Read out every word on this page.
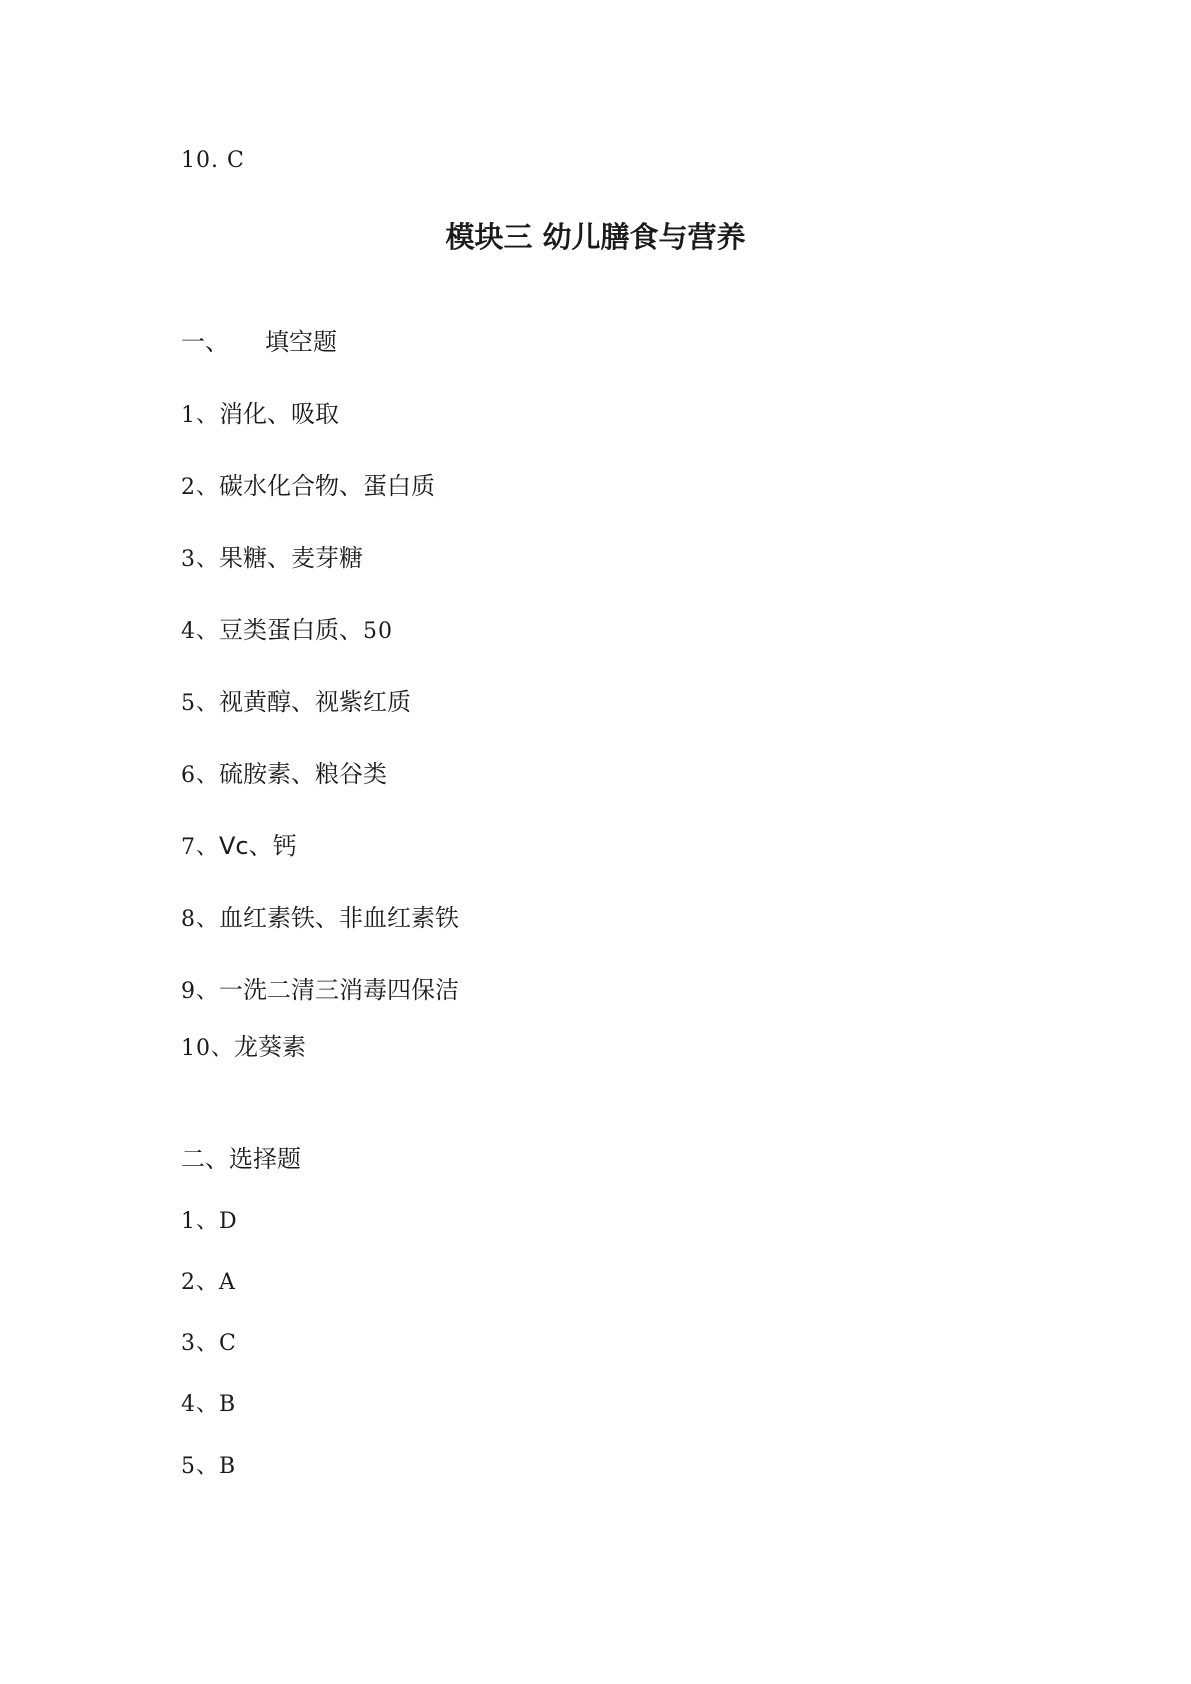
10. C
模块三 幼儿膳食与营养
一、 填空题
1、消化、吸取
2、碳水化合物、蛋白质
3、果糖、麦芽糖
4、豆类蛋白质、50
5、视黄醇、视紫红质
6、硫胺素、粮谷类
7、Vc、钙
8、血红素铁、非血红素铁
9、一洗二清三消毒四保洁
10、龙葵素
二、选择题
1、D
2、A
3、C
4、B
5、B
